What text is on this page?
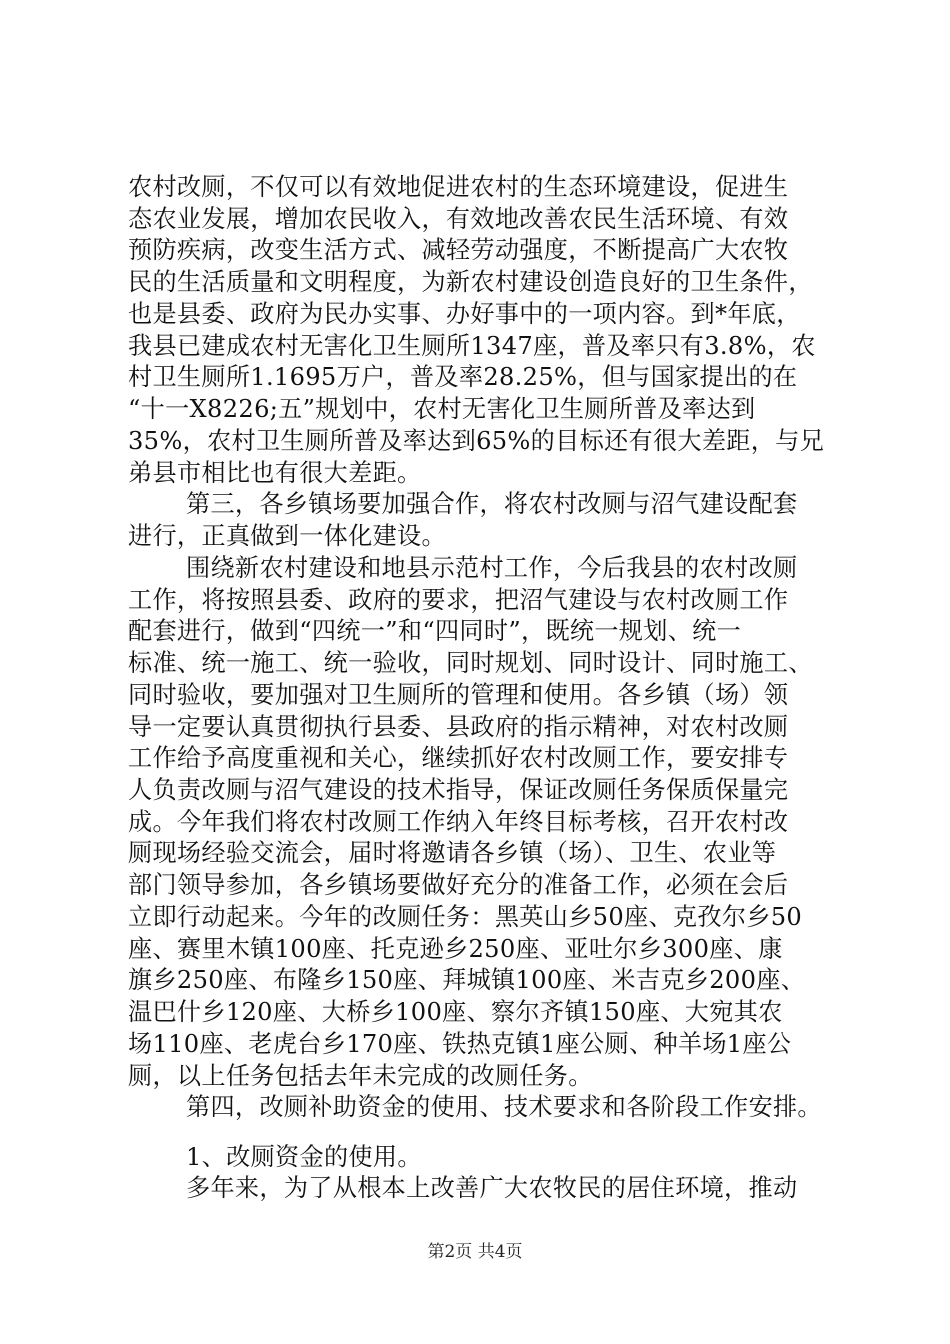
农村改厕，不仅可以有效地促进农村的生态环境建设，促进生
态农业发展，增加农民收入，有效地改善农民生活环境、有效
预防疾病，改变生活方式、减轻劳动强度，不断提高广大农牧
民的生活质量和文明程度，为新农村建设创造良好的卫生条件，
也是县委、政府为民办实事、办好事中的一项内容。到*年底，
我县已建成农村无害化卫生厕所1347座，普及率只有3.8%，农
村卫生厕所1.1695万户，普及率28.25%，但与国家提出的在
“十一X8226;五”规划中，农村无害化卫生厕所普及率达到
35%，农村卫生厕所普及率达到65%的目标还有很大差距，与兄
弟县市相比也有很大差距。
第三，各乡镇场要加强合作，将农村改厕与沼气建设配套
进行，正真做到一体化建设。
围绕新农村建设和地县示范村工作，今后我县的农村改厕
工作，将按照县委、政府的要求，把沼气建设与农村改厕工作
配套进行，做到“四统一”和“四同时”，既统一规划、统一
标准、统一施工、统一验收，同时规划、同时设计、同时施工、
同时验收，要加强对卫生厕所的管理和使用。各乡镇（场）领
导一定要认真贯彻执行县委、县政府的指示精神，对农村改厕
工作给予高度重视和关心，继续抓好农村改厕工作，要安排专
人负责改厕与沼气建设的技术指导，保证改厕任务保质保量完
成。今年我们将农村改厕工作纳入年终目标考核，召开农村改
厕现场经验交流会，届时将邀请各乡镇（场）、卫生、农业等
部门领导参加，各乡镇场要做好充分的准备工作，必须在会后
立即行动起来。今年的改厕任务：黑英山乡50座、克孜尔乡50
座、赛里木镇100座、托克逊乡250座、亚吐尔乡300座、康
旗乡250座、布隆乡150座、拜城镇100座、米吉克乡200座、
温巴什乡120座、大桥乡100座、察尔齐镇150座、大宛其农
场110座、老虎台乡170座、铁热克镇1座公厕、种羊场1座公
厕，以上任务包括去年未完成的改厕任务。
第四，改厕补助资金的使用、技术要求和各阶段工作安排。
1、改厕资金的使用。
多年来，为了从根本上改善广大农牧民的居住环境，推动
第2页 共4页
